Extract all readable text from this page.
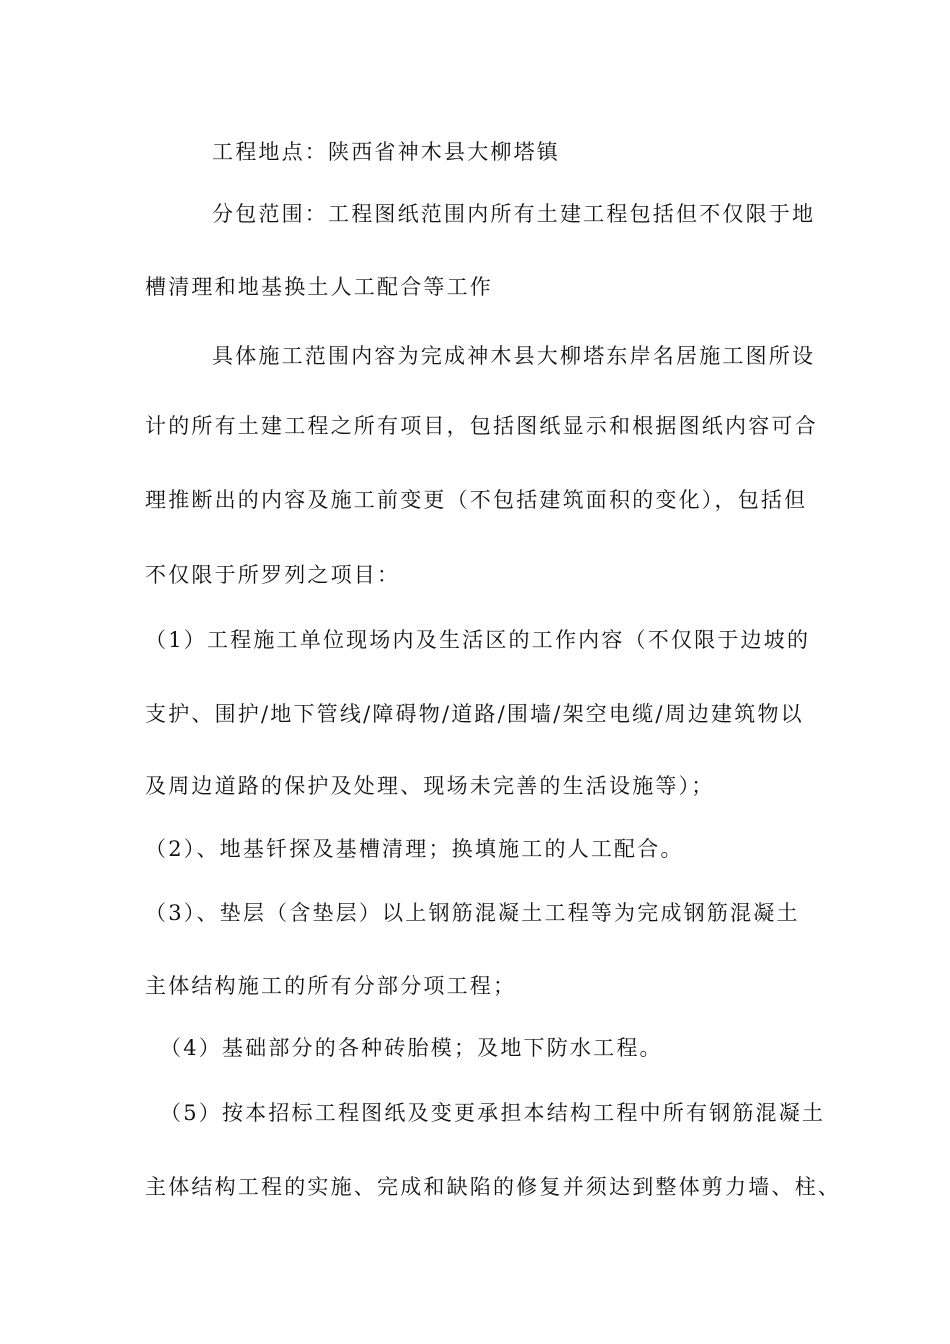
工程地点：陕西省神木县大柳塔镇

分包范围：工程图纸范围内所有土建工程包括但不仅限于地

槽清理和地基换土人工配合等工作

具体施工范围内容为完成神木县大柳塔东岸名居施工图所设

计的所有土建工程之所有项目，包括图纸显示和根据图纸内容可合

理推断出的内容及施工前变更（不包括建筑面积的变化），包括但

不仅限于所罗列之项目：

（1）工程施工单位现场内及生活区的工作内容（不仅限于边坡的

支护、围护/地下管线/障碍物/道路/围墙/架空电缆/周边建筑物以

及周边道路的保护及处理、现场未完善的生活设施等）；

（2）、地基钎探及基槽清理；换填施工的人工配合。

（3）、垫层（含垫层）以上钢筋混凝土工程等为完成钢筋混凝土

主体结构施工的所有分部分项工程；

（4）基础部分的各种砖胎模；及地下防水工程。

（5）按本招标工程图纸及变更承担本结构工程中所有钢筋混凝土

主体结构工程的实施、完成和缺陷的修复并须达到整体剪力墙、柱、
